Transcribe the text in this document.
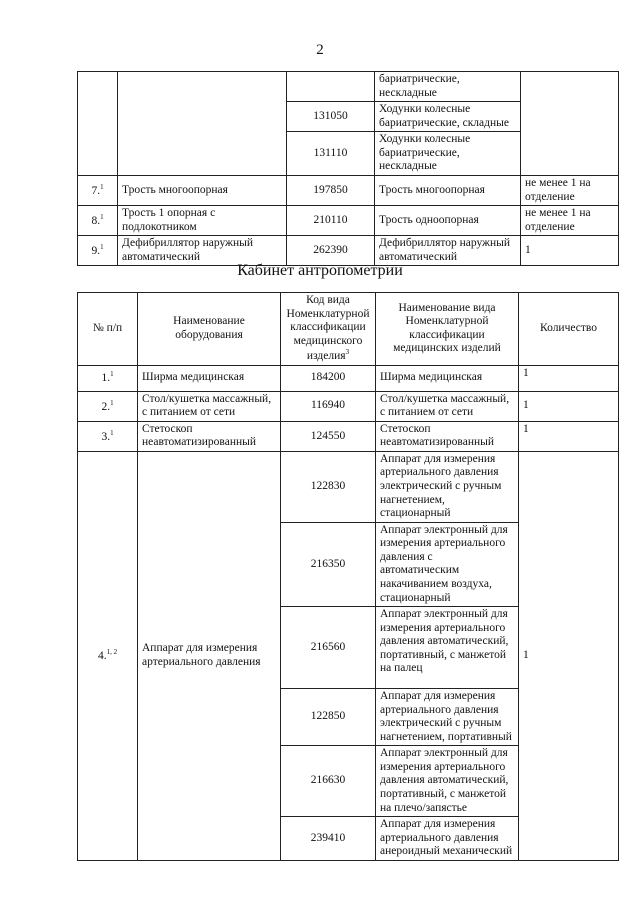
2
			бариатрические, нескладные	
		131050	Ходунки колесные бариатрические, складные	
		131110	Ходунки колесные бариатрические, нескладные	
7.$^1$	Трость многоопорная	197850	Трость многоопорная	не менее 1 на отделение
8.$^1$	Трость 1 опорная с подлокотником	210110	Трость одноопорная	не менее 1 на отделение
9.$^1$	Дефибриллятор наружный автоматический	262390	Дефибриллятор наружный автоматический	1
Кабинет антропометрии
№ п/п	Наименование оборудования	Код вида Номенклатурной классификации медицинского изделия$^3$	Наименование вида Номенклатурной классификации медицинских изделий	Количество
1.$^1$	Ширма медицинская	184200	Ширма медицинская	1
2.$^1$	Стол/кушетка массажный, с питанием от сети	116940	Стол/кушетка массажный, с питанием от сети	1
3.$^1$	Стетоскоп неавтоматизированный	124550	Стетоскоп неавтоматизированный	1
4.$^{1, 2}$	Аппарат для измерения артериального давления	122830	Аппарат для измерения артериального давления электрический с ручным нагнетением, стационарный	1
		216350	Аппарат электронный для измерения артериального давления с автоматическим накачиванием воздуха, стационарный	
		216560	Аппарат электронный для измерения артериального давления автоматический, портативный, с манжетой на палец	
		122850	Аппарат для измерения артериального давления электрический с ручным нагнетением, портативный	
		216630	Аппарат электронный для измерения артериального давления автоматический, портативный, с манжетой на плечо/запястье	
		239410	Аппарат для измерения артериального давления анероидный механический	
